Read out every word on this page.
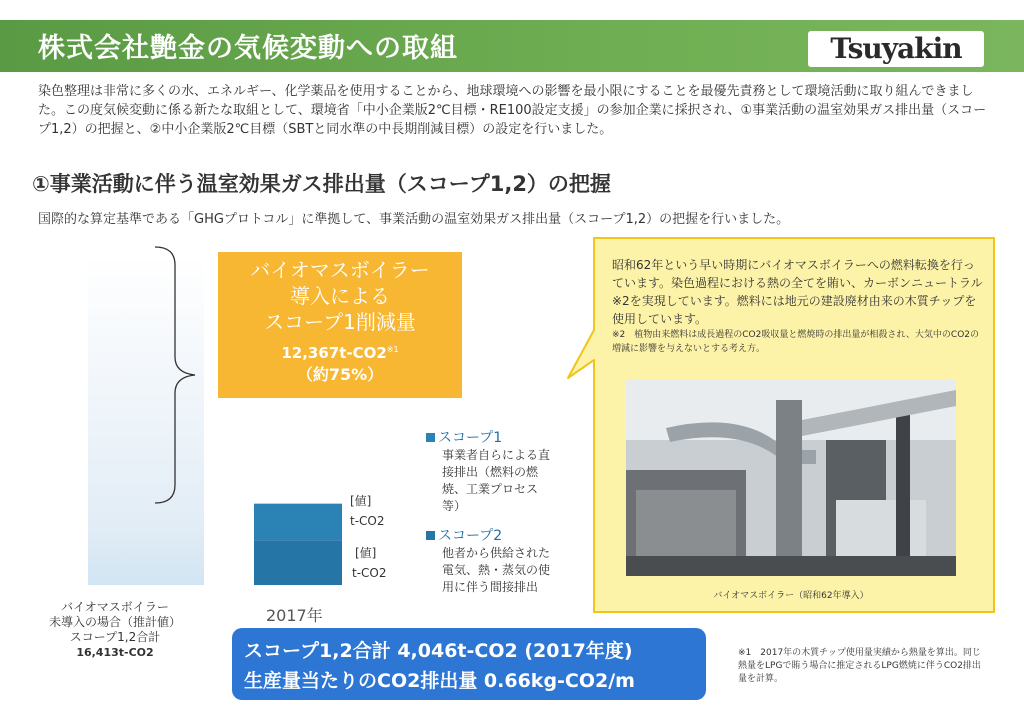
株式会社艶金の気候変動への取組	Tsuyakin
染色整理は非常に多くの水、エネルギー、化学薬品を使用することから、地球環境への影響を最小限にすることを最優先責務として環境活動に取り組んできました。この度気候変動に係る新たな取組として、環境省「中小企業版2℃目標・RE100設定支援」の参加企業に採択され、①事業活動の温室効果ガス排出量（スコープ1,2）の把握と、②中小企業版2℃目標（SBTと同水準の中長期削減目標）の設定を行いました。
①事業活動に伴う温室効果ガス排出量（スコープ1,2）の把握
国際的な算定基準である「GHGプロトコル」に準拠して、事業活動の温室効果ガス排出量（スコープ1,2）の把握を行いました。
バイオマスボイラー
導入による
スコープ1削減量
12,367t-CO2$^{※1}$
（約75%）
バイオマスボイラー
未導入の場合（推計値）
スコープ1,2合計
16,413t-CO2
[値]
t-CO2
[値]
t-CO2
2017年
スコープ1
事業者自らによる直接排出（燃料の燃焼、工業プロセス等）
スコープ2
他者から供給された電気、熱・蒸気の使用に伴う間接排出
昭和62年という早い時期にバイオマスボイラーへの燃料転換を行っています。染色過程における熱の全てを賄い、カーボンニュートラル※2を実現しています。燃料には地元の建設廃材由来の木質チップを使用しています。
※2　植物由来燃料は成長過程のCO2吸収量と燃焼時の排出量が相殺され、大気中のCO2の増減に影響を与えないとする考え方。
バイオマスボイラー（昭和62年導入）
スコープ1,2合計 4,046t-CO2 (2017年度)
生産量当たりのCO2排出量 0.66kg-CO2/m
※1　2017年の木質チップ使用量実績から熱量を算出。同じ熱量をLPGで賄う場合に推定されるLPG燃焼に伴うCO2排出量を計算。
